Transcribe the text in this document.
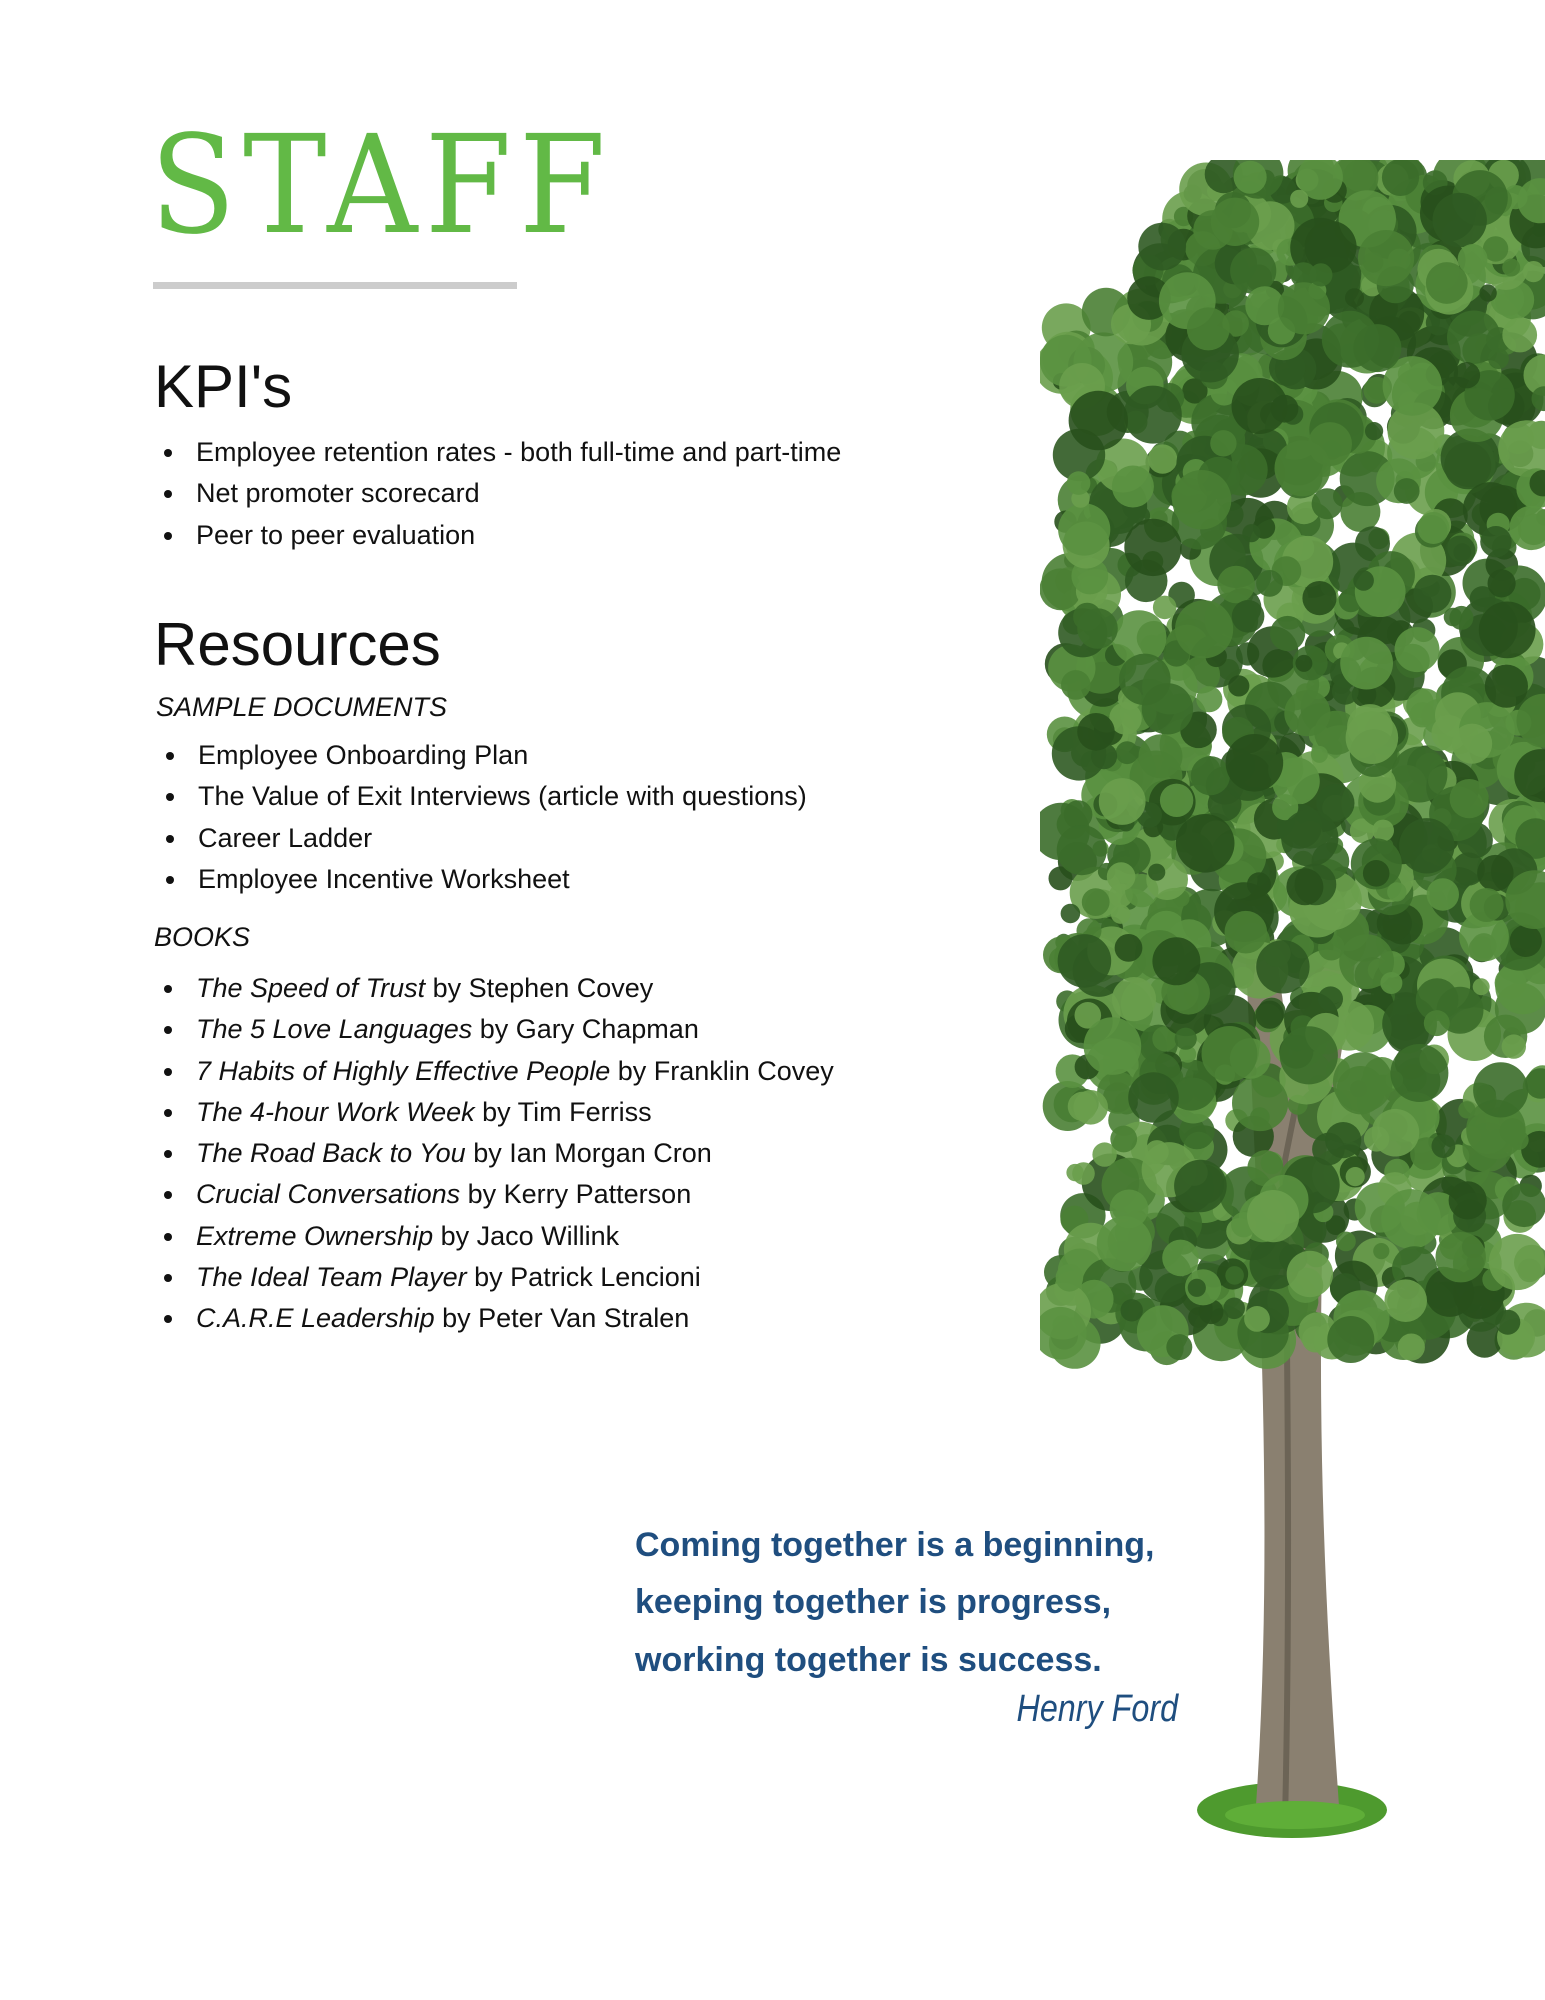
STAFF
KPI's
Employee retention rates - both full-time and part-time
Net promoter scorecard
Peer to peer evaluation
Resources
SAMPLE DOCUMENTS
Employee Onboarding Plan
The Value of Exit Interviews (article with questions)
Career Ladder
Employee Incentive Worksheet
BOOKS
The Speed of Trust by Stephen Covey
The 5 Love Languages by Gary Chapman
7 Habits of Highly Effective People by Franklin Covey
The 4-hour Work Week by Tim Ferriss
The Road Back to You by Ian Morgan Cron
Crucial Conversations by Kerry Patterson
Extreme Ownership by Jaco Willink
The Ideal Team Player by Patrick Lencioni
C.A.R.E Leadership by Peter Van Stralen
Coming together is a beginning,
keeping together is progress,
working together is success.
Henry Ford
